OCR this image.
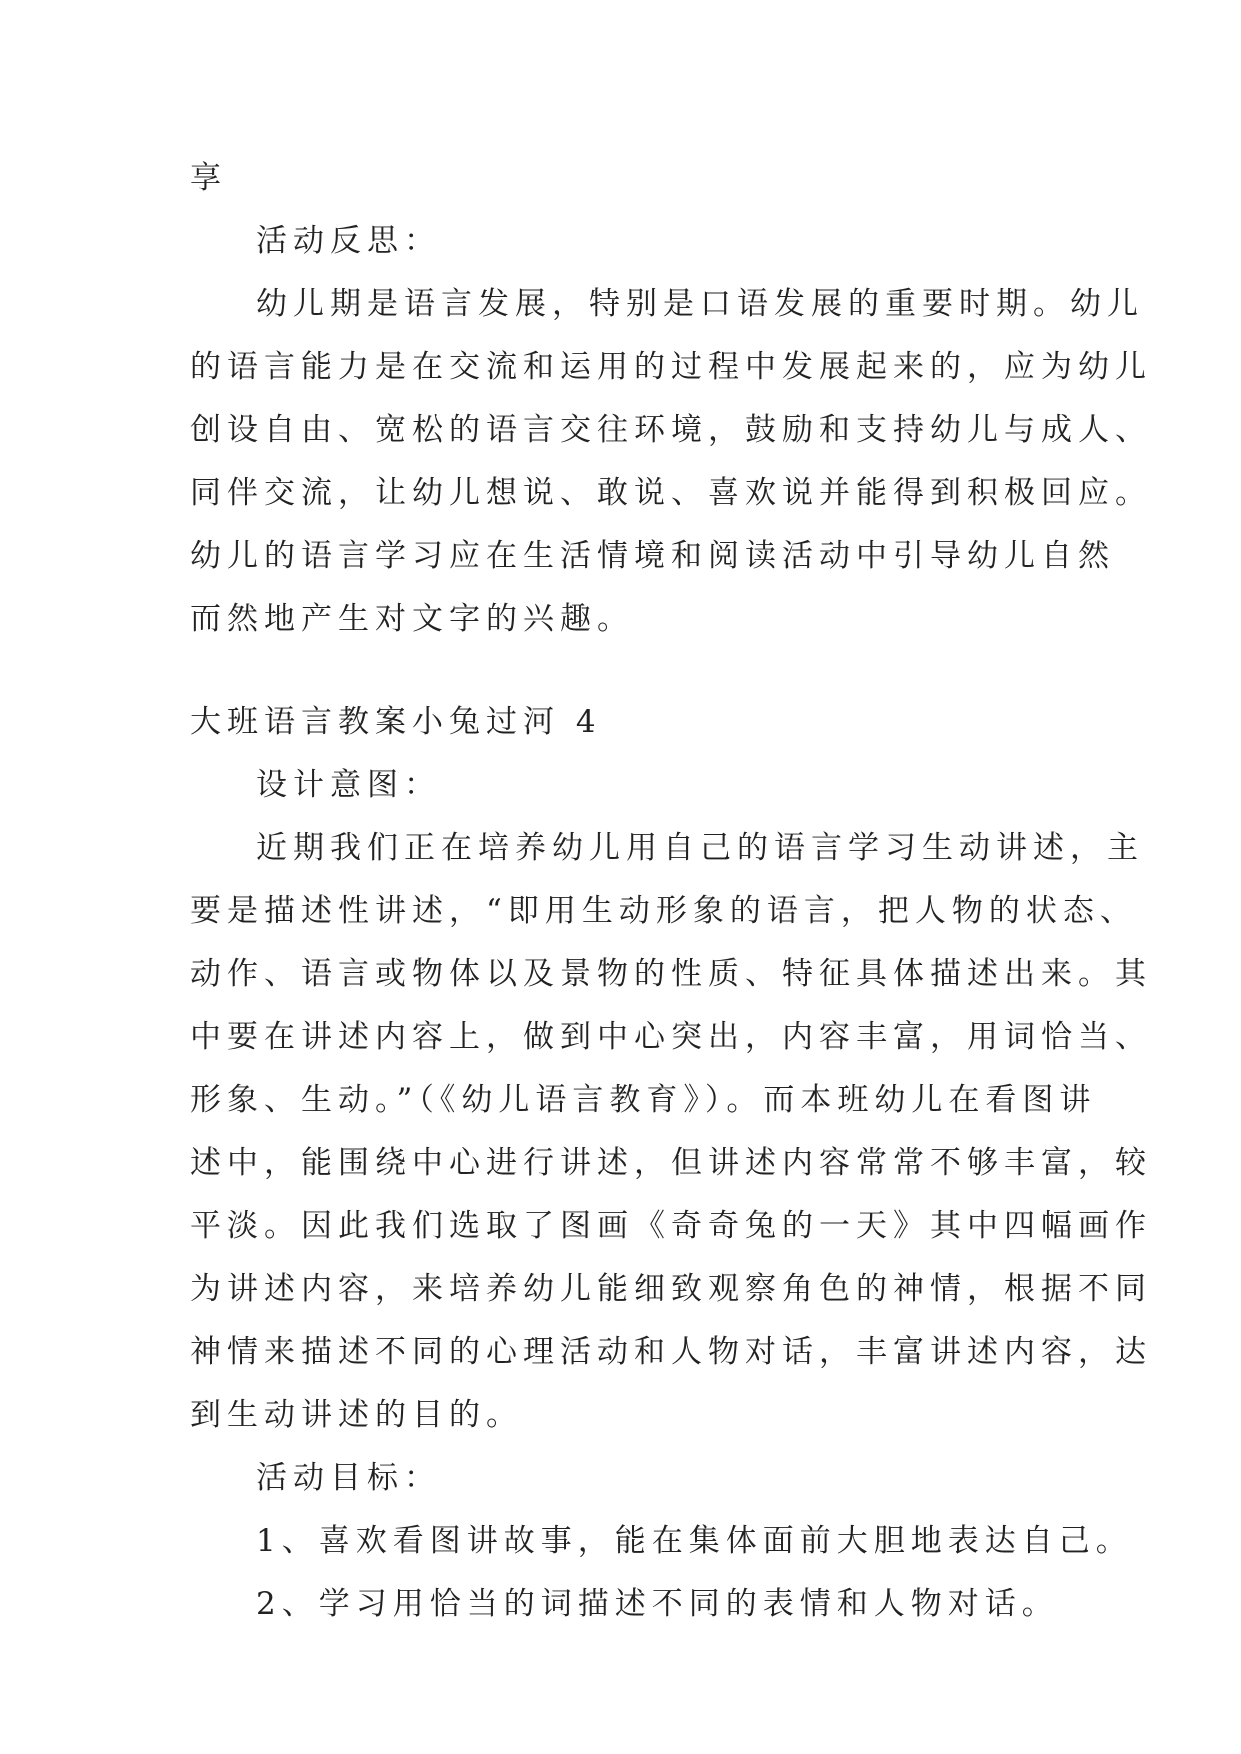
享

活动反思：

幼儿期是语言发展，特别是口语发展的重要时期。幼儿

的语言能力是在交流和运用的过程中发展起来的，应为幼儿

创设自由、宽松的语言交往环境，鼓励和支持幼儿与成人、

同伴交流，让幼儿想说、敢说、喜欢说并能得到积极回应。

幼儿的语言学习应在生活情境和阅读活动中引导幼儿自然

而然地产生对文字的兴趣。

大班语言教案小兔过河 4

设计意图：

近期我们正在培养幼儿用自己的语言学习生动讲述，主

要是描述性讲述，“即用生动形象的语言，把人物的状态、

动作、语言或物体以及景物的性质、特征具体描述出来。其

中要在讲述内容上，做到中心突出，内容丰富，用词恰当、

形象、生动。”（《幼儿语言教育》）。而本班幼儿在看图讲

述中，能围绕中心进行讲述，但讲述内容常常不够丰富，较

平淡。因此我们选取了图画《奇奇兔的一天》其中四幅画作

为讲述内容，来培养幼儿能细致观察角色的神情，根据不同

神情来描述不同的心理活动和人物对话，丰富讲述内容，达

到生动讲述的目的。

活动目标：

1、喜欢看图讲故事，能在集体面前大胆地表达自己。

2、学习用恰当的词描述不同的表情和人物对话。
